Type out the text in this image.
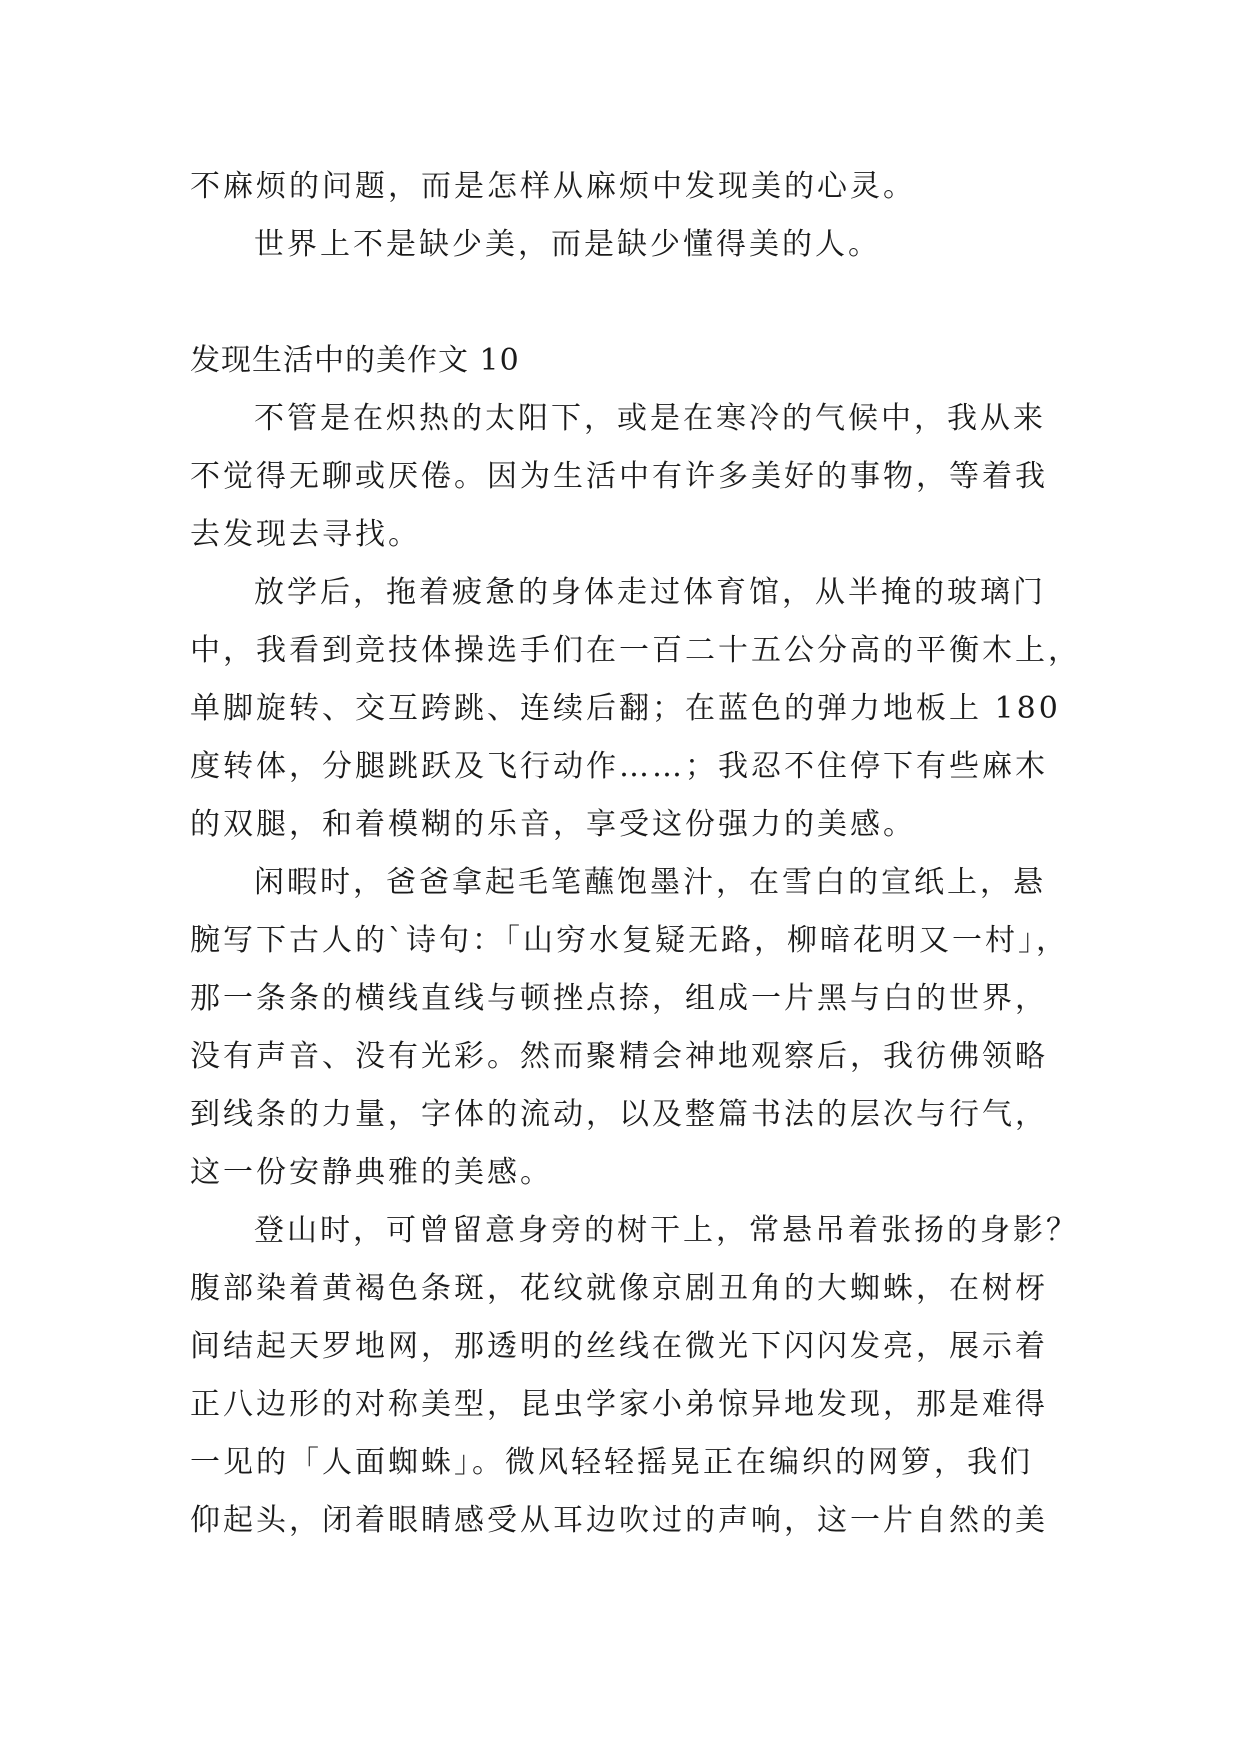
不麻烦的问题，而是怎样从麻烦中发现美的心灵。
世界上不是缺少美，而是缺少懂得美的人。
发现生活中的美作文 10
不管是在炽热的太阳下，或是在寒冷的气候中，我从来
不觉得无聊或厌倦。因为生活中有许多美好的事物，等着我
去发现去寻找。
放学后，拖着疲惫的身体走过体育馆，从半掩的玻璃门
中，我看到竞技体操选手们在一百二十五公分高的平衡木上，
单脚旋转、交互跨跳、连续后翻；在蓝色的弹力地板上 180
度转体，分腿跳跃及飞行动作……；我忍不住停下有些麻木
的双腿，和着模糊的乐音，享受这份强力的美感。
闲暇时，爸爸拿起毛笔蘸饱墨汁，在雪白的宣纸上，悬
腕写下古人的`诗句：「山穷水复疑无路，柳暗花明又一村」，
那一条条的横线直线与顿挫点捺，组成一片黑与白的世界，
没有声音、没有光彩。然而聚精会神地观察后，我彷佛领略
到线条的力量，字体的流动，以及整篇书法的层次与行气，
这一份安静典雅的美感。
登山时，可曾留意身旁的树干上，常悬吊着张扬的身影？
腹部染着黄褐色条斑，花纹就像京剧丑角的大蜘蛛，在树枒
间结起天罗地网，那透明的丝线在微光下闪闪发亮，展示着
正八边形的对称美型，昆虫学家小弟惊异地发现，那是难得
一见的「人面蜘蛛」。微风轻轻摇晃正在编织的网箩，我们
仰起头，闭着眼睛感受从耳边吹过的声响，这一片自然的美
